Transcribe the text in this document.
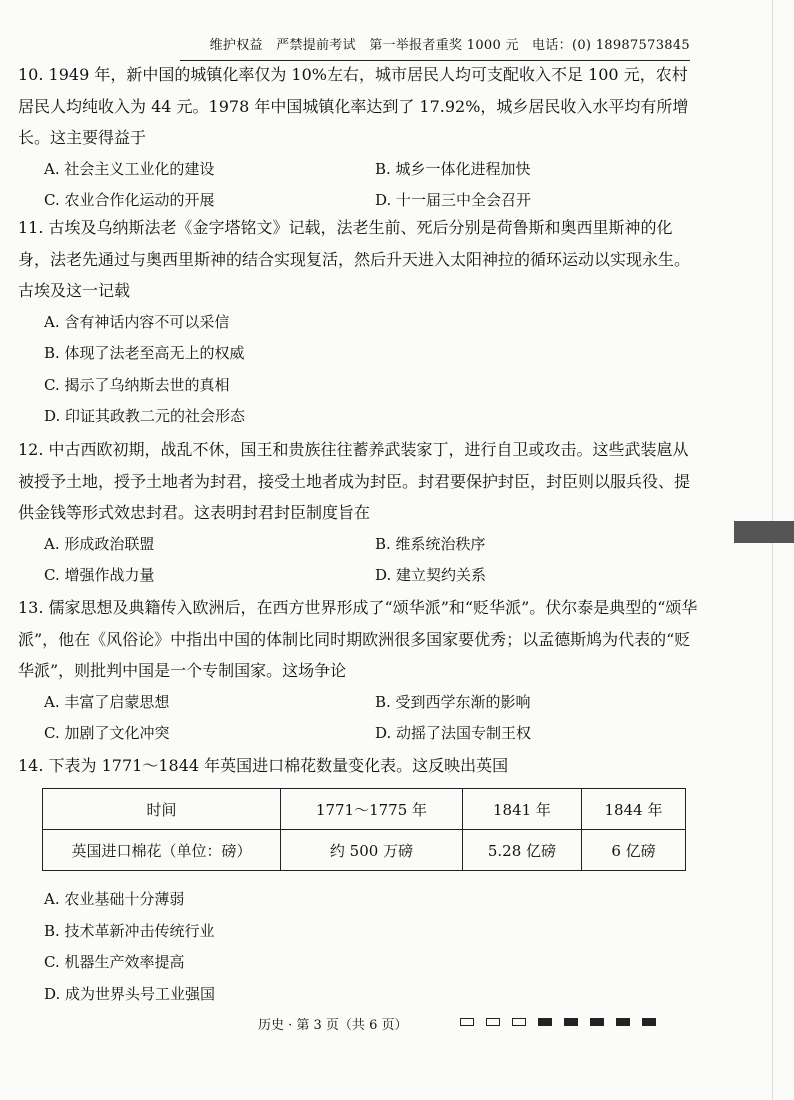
维护权益　严禁提前考试　第一举报者重奖 1000 元　电话：(0) 18987573845
10. 1949 年，新中国的城镇化率仅为 10%左右，城市居民人均可支配收入不足 100 元，农村居民人均纯收入为 44 元。1978 年中国城镇化率达到了 17.92%，城乡居民收入水平均有所增长。这主要得益于
A. 社会主义工业化的建设	B. 城乡一体化进程加快
C. 农业合作化运动的开展	D. 十一届三中全会召开
11. 古埃及乌纳斯法老《金字塔铭文》记载，法老生前、死后分别是荷鲁斯和奥西里斯神的化身，法老先通过与奥西里斯神的结合实现复活，然后升天进入太阳神拉的循环运动以实现永生。古埃及这一记载
A. 含有神话内容不可以采信
B. 体现了法老至高无上的权威
C. 揭示了乌纳斯去世的真相
D. 印证其政教二元的社会形态
12. 中古西欧初期，战乱不休，国王和贵族往往蓄养武装家丁，进行自卫或攻击。这些武装扈从被授予土地，授予土地者为封君，接受土地者成为封臣。封君要保护封臣，封臣则以服兵役、提供金钱等形式效忠封君。这表明封君封臣制度旨在
A. 形成政治联盟	B. 维系统治秩序
C. 增强作战力量	D. 建立契约关系
13. 儒家思想及典籍传入欧洲后，在西方世界形成了“颂华派”和“贬华派”。伏尔泰是典型的“颂华派”，他在《风俗论》中指出中国的体制比同时期欧洲很多国家要优秀；以孟德斯鸠为代表的“贬华派”，则批判中国是一个专制国家。这场争论
A. 丰富了启蒙思想	B. 受到西学东渐的影响
C. 加剧了文化冲突	D. 动摇了法国专制王权
14. 下表为 1771～1844 年英国进口棉花数量变化表。这反映出英国
时间	1771～1775 年	1841 年	1844 年
英国进口棉花（单位：磅）	约 500 万磅	5.28 亿磅	6 亿磅
A. 农业基础十分薄弱
B. 技术革新冲击传统行业
C. 机器生产效率提高
D. 成为世界头号工业强国
历史 · 第 3 页（共 6 页）
